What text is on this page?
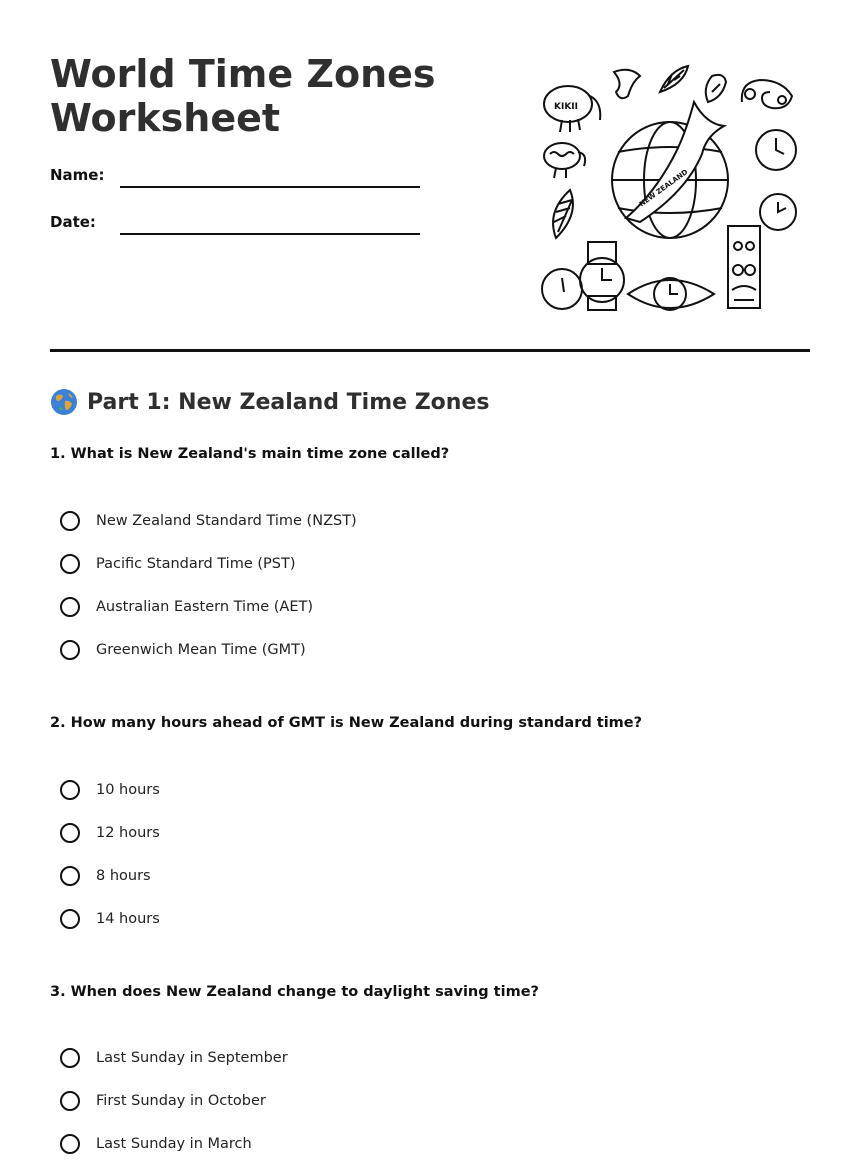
World Time Zones
Worksheet
Name:
Date:
KIKII
NEW ZEALAND
Part 1: New Zealand Time Zones

1. What is New Zealand's main time zone called?

New Zealand Standard Time (NZST)
Pacific Standard Time (PST)
Australian Eastern Time (AET)
Greenwich Mean Time (GMT)

2. How many hours ahead of GMT is New Zealand during standard time?

10 hours
12 hours
8 hours
14 hours

3. When does New Zealand change to daylight saving time?

Last Sunday in September
First Sunday in October
Last Sunday in March
